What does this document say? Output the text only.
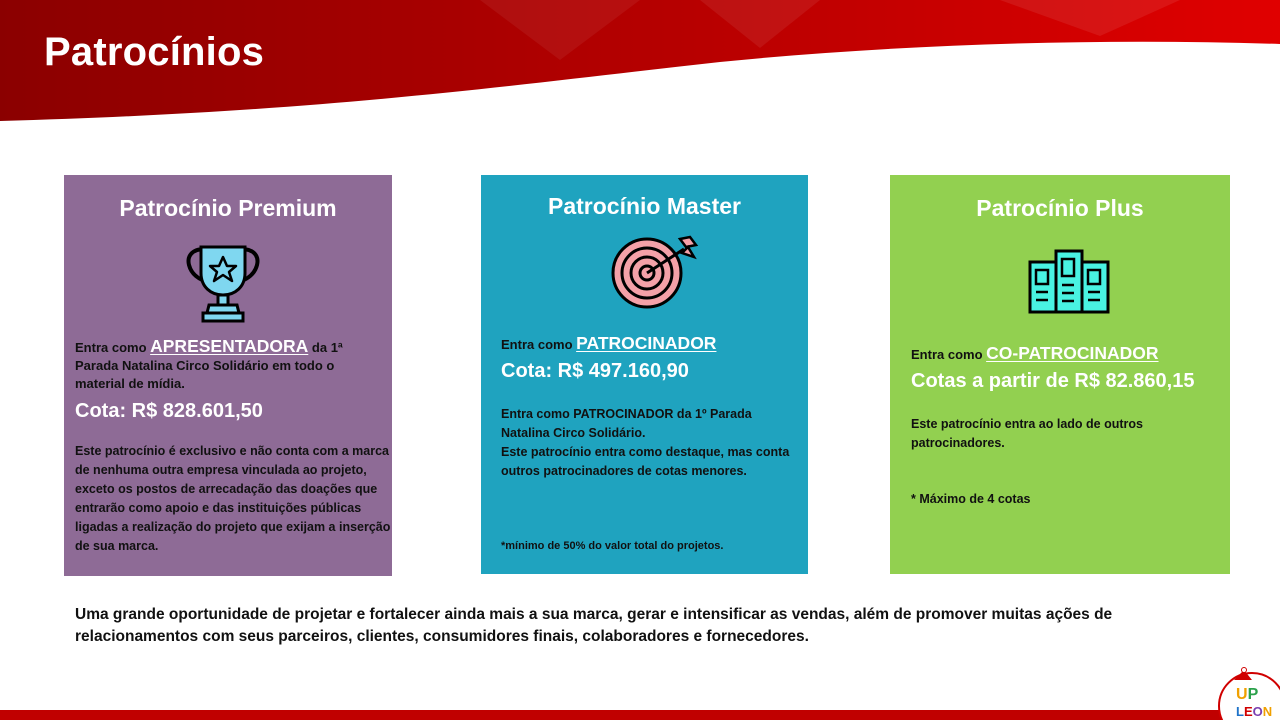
Patrocínios
Patrocínio Premium

Entra como APRESENTADORA da 1ª Parada Natalina Circo Solidário em todo o material de mídia.

Cota: R$ 828.601,50

Este patrocínio é exclusivo e não conta com a marca de nenhuma outra empresa vinculada ao projeto, exceto os postos de arrecadação das doações que entrarão como apoio e das instituições públicas ligadas a realização do projeto que exijam a inserção de sua marca.

Patrocínio Master

Entra como PATROCINADOR

Cota: R$ 497.160,90

Entra como PATROCINADOR da 1º Parada Natalina Circo Solidário.
Este patrocínio entra como destaque, mas conta outros patrocinadores de cotas menores.

*mínimo de 50% do valor total do projetos.

Patrocínio Plus

Entra como CO-PATROCINADOR

Cotas a partir de R$ 82.860,15

Este patrocínio entra ao lado de outros patrocinadores.

* Máximo de 4 cotas

Uma grande oportunidade de projetar e fortalecer ainda mais a sua marca, gerar e intensificar as vendas, além de promover muitas ações de relacionamentos com seus parceiros, clientes, consumidores finais, colaboradores e fornecedores.

UP
LEON
